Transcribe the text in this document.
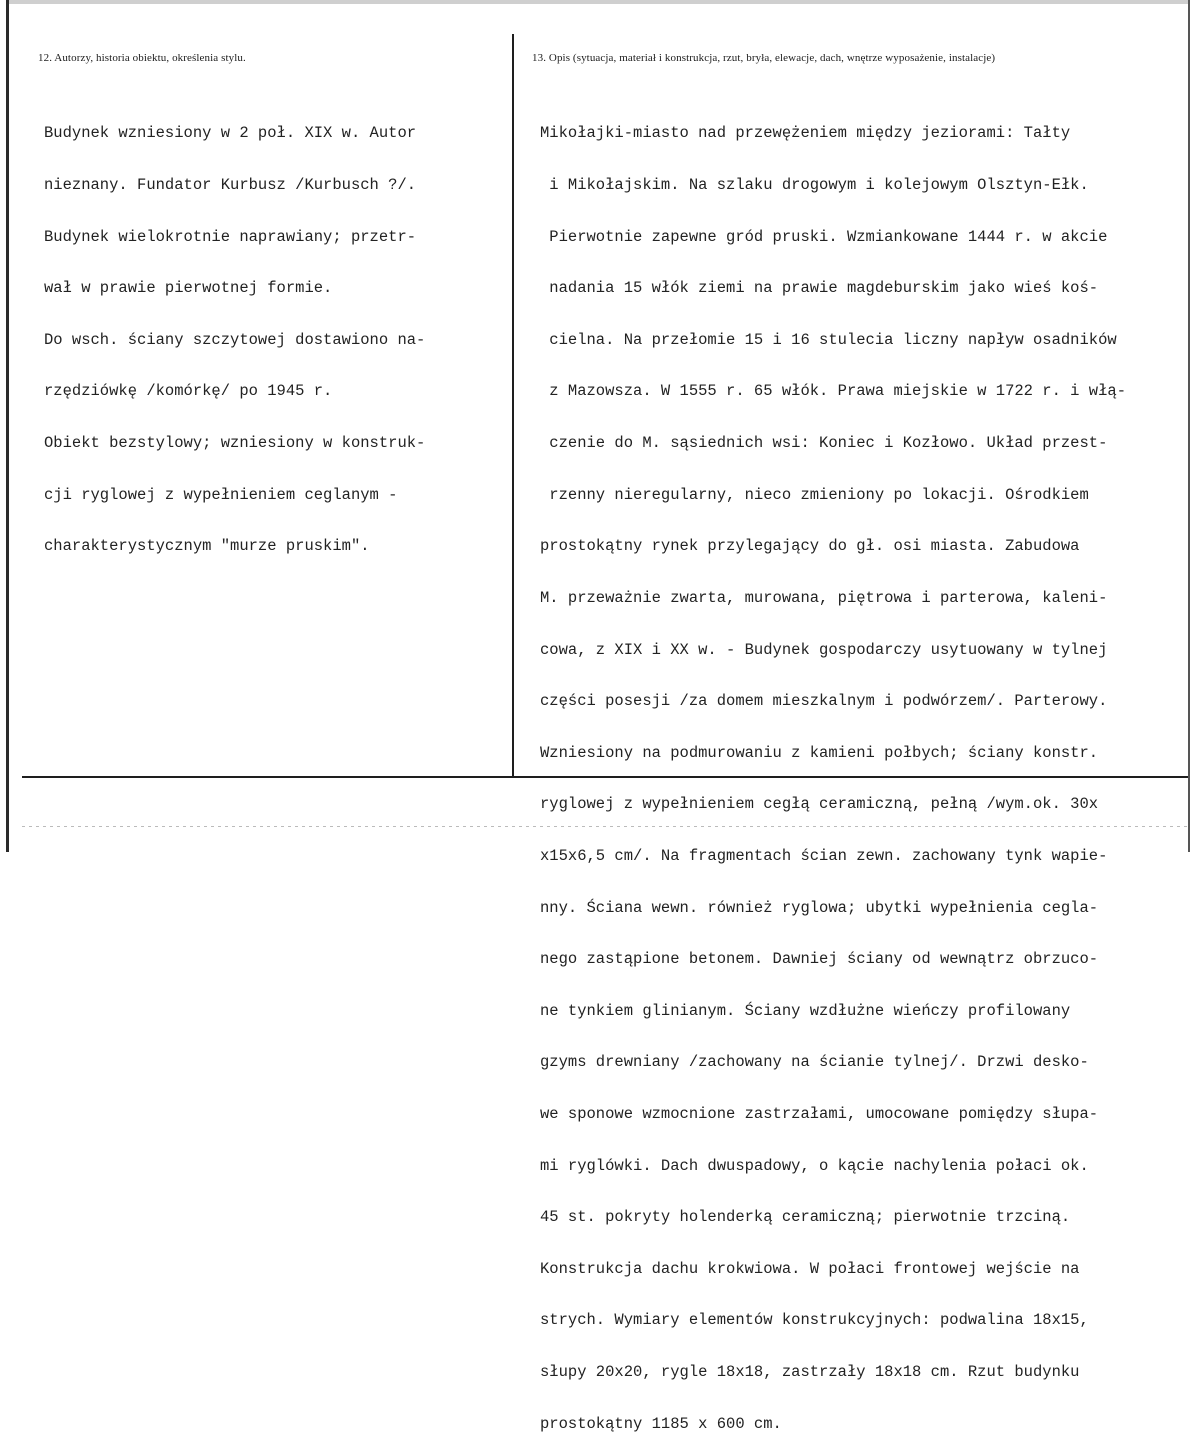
12. Autorzy, historia obiektu, określenia stylu.	13. Opis (sytuacja, materiał i konstrukcja, rzut, bryła, elewacje, dach, wnętrze wyposażenie, instalacje)

Budynek wzniesiony w 2 poł. XIX w. Autor

nieznany. Fundator Kurbusz /Kurbusch ?/.

Budynek wielokrotnie naprawiany; przetr-

wał w prawie pierwotnej formie.

Do wsch. ściany szczytowej dostawiono na-

rzędziówkę /komórkę/ po 1945 r.

Obiekt bezstylowy; wzniesiony w konstruk-

cji ryglowej z wypełnieniem ceglanym -

charakterystycznym "murze pruskim".

Mikołajki-miasto nad przewężeniem między jeziorami: Tałty

i Mikołajskim. Na szlaku drogowym i kolejowym Olsztyn-Ełk.

Pierwotnie zapewne gród pruski. Wzmiankowane 1444 r. w akcie

nadania 15 włók ziemi na prawie magdeburskim jako wieś koś-

cielna. Na przełomie 15 i 16 stulecia liczny napływ osadników

z Mazowsza. W 1555 r. 65 włók. Prawa miejskie w 1722 r. i włą-

czenie do M. sąsiednich wsi: Koniec i Kozłowo. Układ przest-

rzenny nieregularny, nieco zmieniony po lokacji. Ośrodkiem

prostokątny rynek przylegający do gł. osi miasta. Zabudowa

M. przeważnie zwarta, murowana, piętrowa i parterowa, kaleni-

cowa, z XIX i XX w. - Budynek gospodarczy usytuowany w tylnej

części posesji /za domem mieszkalnym i podwórzem/. Parterowy.

Wzniesiony na podmurowaniu z kamieni połbych; ściany konstr.

ryglowej z wypełnieniem cegłą ceramiczną, pełną /wym.ok. 30x

x15x6,5 cm/. Na fragmentach ścian zewn. zachowany tynk wapie-

nny. Ściana wewn. również ryglowa; ubytki wypełnienia cegla-

nego zastąpione betonem. Dawniej ściany od wewnątrz obrzuco-

ne tynkiem glinianym. Ściany wzdłużne wieńczy profilowany

gzyms drewniany /zachowany na ścianie tylnej/. Drzwi desko-

we sponowe wzmocnione zastrzałami, umocowane pomiędzy słupa-

mi ryglówki. Dach dwuspadowy, o kącie nachylenia połaci ok.

45 st. pokryty holenderką ceramiczną; pierwotnie trzciną.

Konstrukcja dachu krokwiowa. W połaci frontowej wejście na

strych. Wymiary elementów konstrukcyjnych: podwalina 18x15,

słupy 20x20, rygle 18x18, zastrzały 18x18 cm. Rzut budynku

prostokątny 1185 x 600 cm.
